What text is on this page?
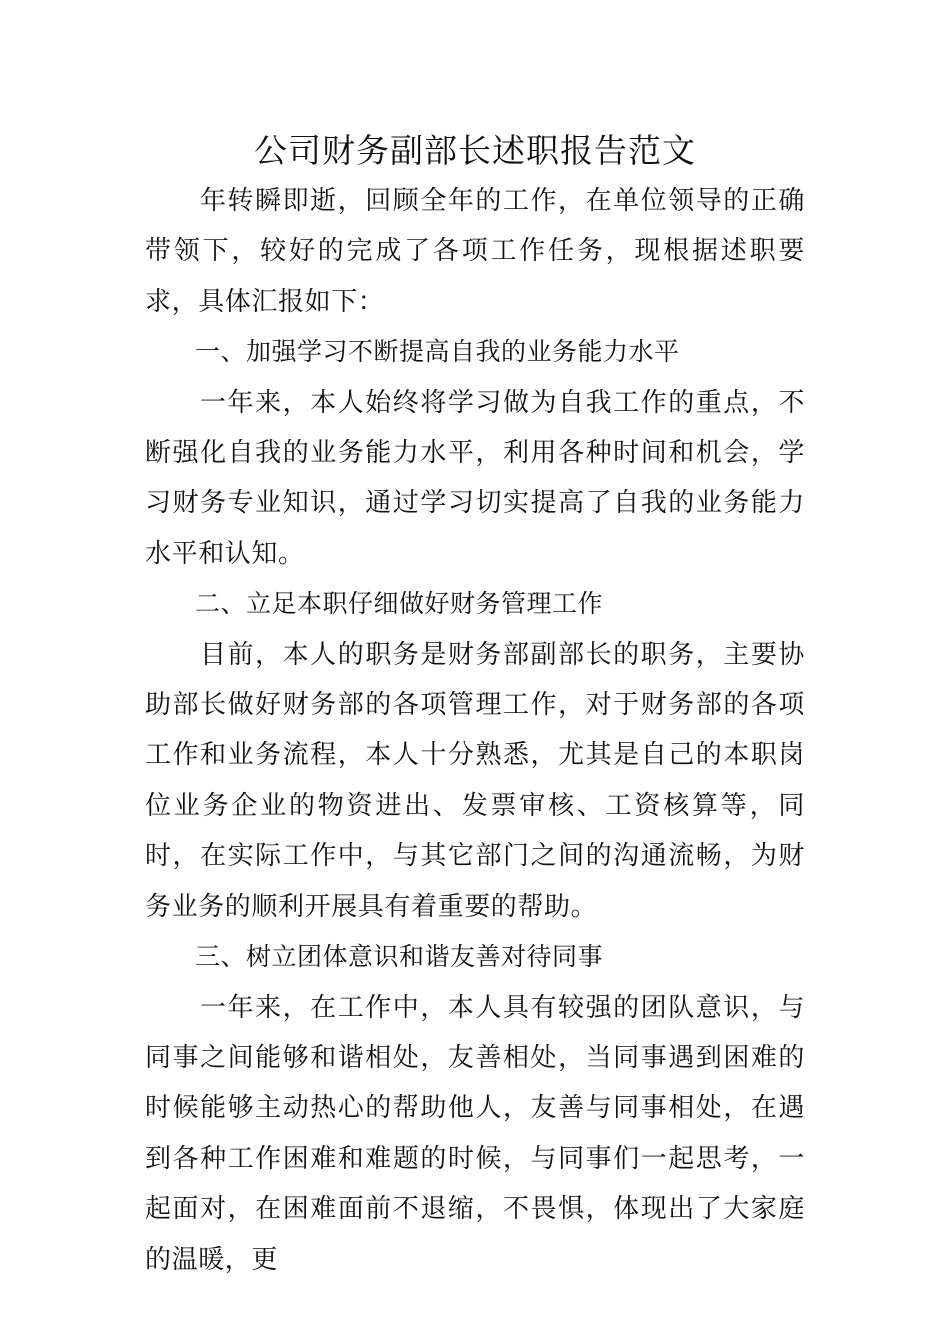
公司财务副部长述职报告范文

年转瞬即逝，回顾全年的工作，在单位领导的正确带领下，较好的完成了各项工作任务，现根据述职要求，具体汇报如下：

一、加强学习不断提高自我的业务能力水平

一年来，本人始终将学习做为自我工作的重点，不断强化自我的业务能力水平，利用各种时间和机会，学习财务专业知识，通过学习切实提高了自我的业务能力水平和认知。

二、立足本职仔细做好财务管理工作

目前，本人的职务是财务部副部长的职务，主要协助部长做好财务部的各项管理工作，对于财务部的各项工作和业务流程，本人十分熟悉，尤其是自己的本职岗位业务企业的物资进出、发票审核、工资核算等，同时，在实际工作中，与其它部门之间的沟通流畅，为财务业务的顺利开展具有着重要的帮助。

三、树立团体意识和谐友善对待同事

一年来，在工作中，本人具有较强的团队意识，与同事之间能够和谐相处，友善相处，当同事遇到困难的时候能够主动热心的帮助他人，友善与同事相处，在遇到各种工作困难和难题的时候，与同事们一起思考，一起面对，在困难面前不退缩，不畏惧，体现出了大家庭的温暖，更
